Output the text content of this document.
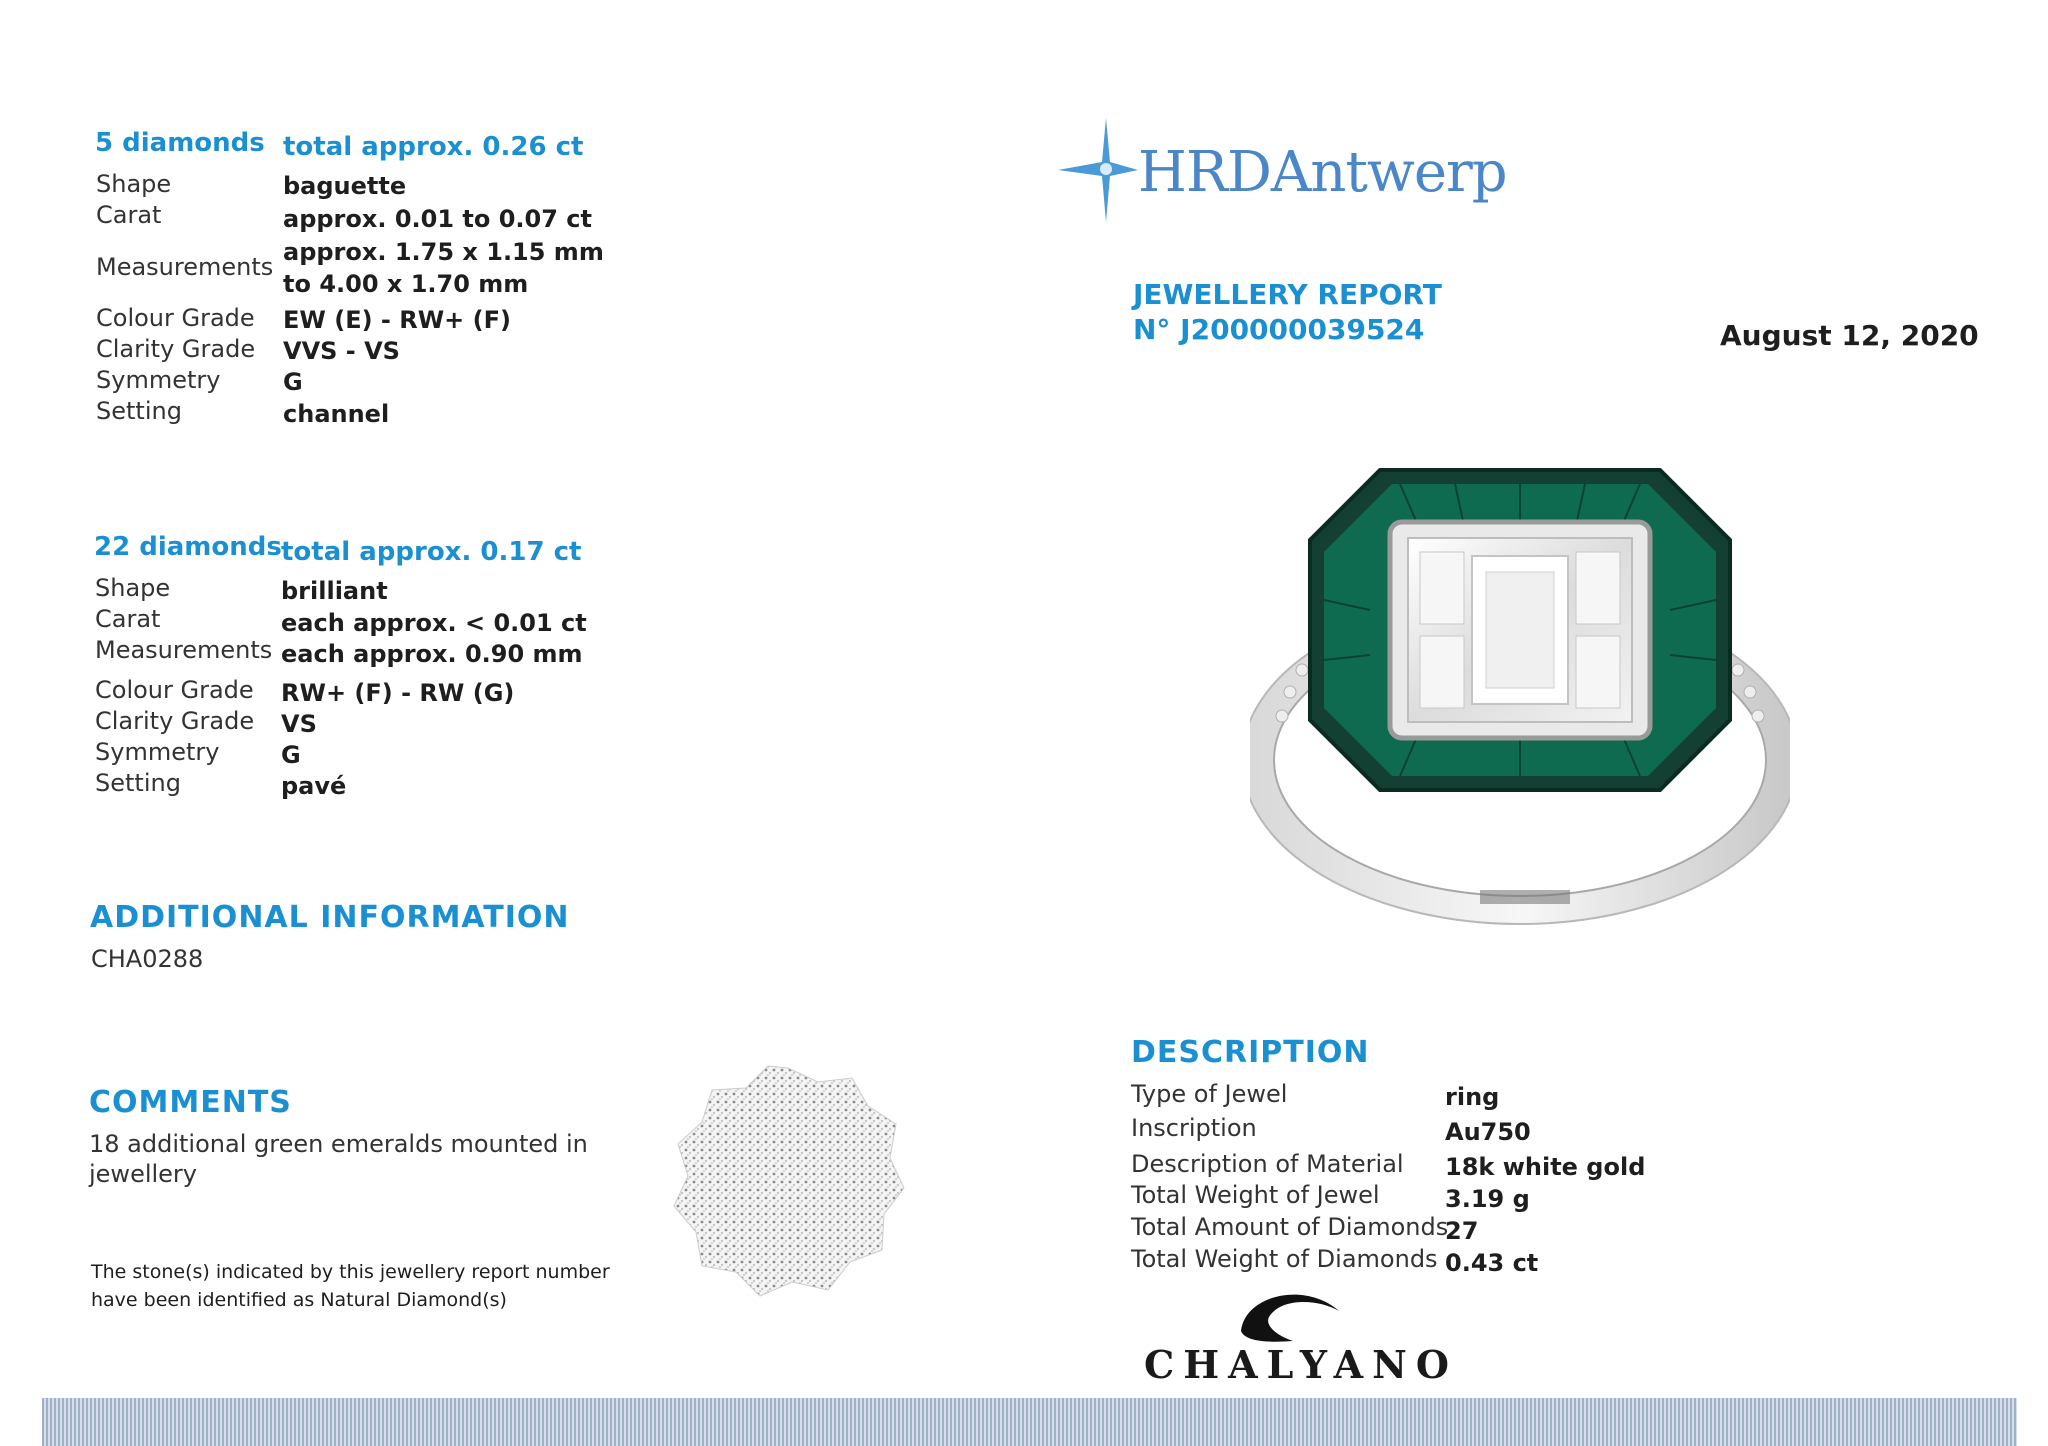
5 diamonds total approx. 0.26 ct
Shape	baguette
Carat	approx. 0.01 to 0.07 ct
Measurements
approx. 1.75 x 1.15 mm
to 4.00 x 1.70 mm
Colour Grade EW (E) - RW+ (F)
Clarity Grade VVS - VS
Symmetry	G
Setting	channel
22 diamonds total approx. 0.17 ct
Shape	brilliant
Carat	each approx. < 0.01 ct
Measurements each approx. 0.90 mm
Colour Grade RW+ (F) - RW (G)
Clarity Grade VS
Symmetry	G
Setting	pavé
ADDITIONAL INFORMATION
CHA0288
COMMENTS
18 additional green emeralds mounted in
jewellery
The stone(s) indicated by this jewellery report number
have been identified as Natural Diamond(s)
HRDAntwerp
JEWELLERY REPORT
N° J200000039524	August 12, 2020
DESCRIPTION
Type of Jewel	ring
Inscription	Au750
Description of Material 18k white gold
Total Weight of Jewel	3.19 g
Total Amount of Diamonds
27
Total Weight of Diamonds 0.43 ct
CHALYANO
